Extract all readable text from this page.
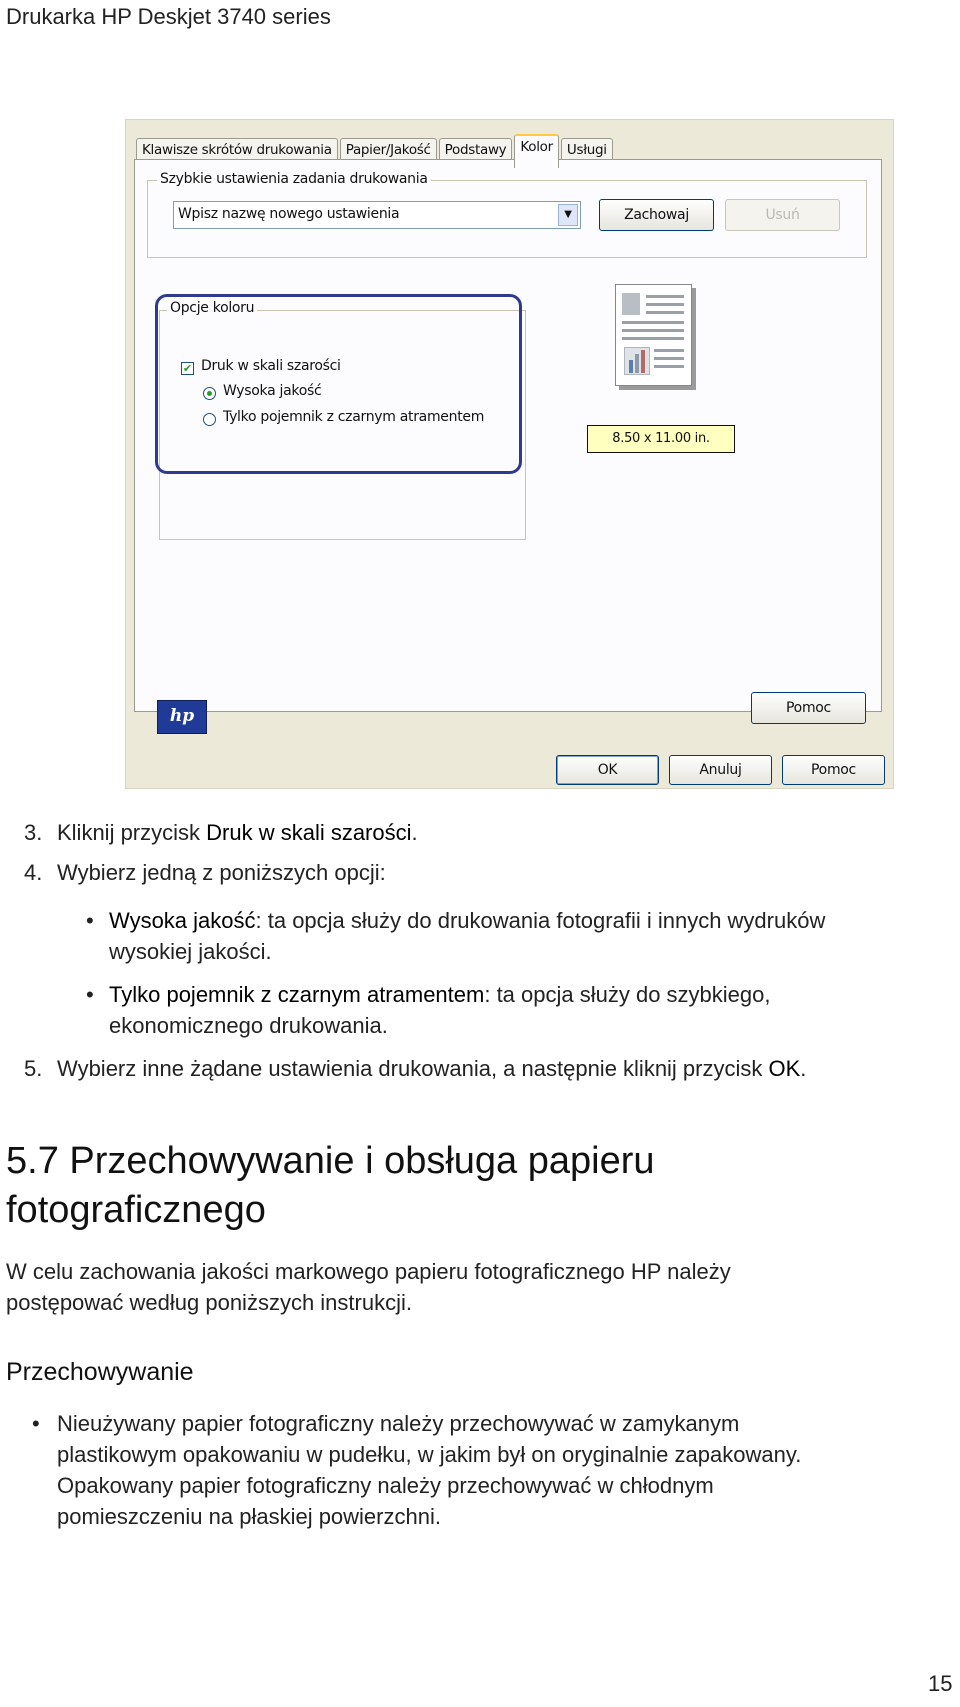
Drukarka HP Deskjet 3740 series
Klawisze skrótów drukowania	Papier/Jakość	Podstawy	Kolor	Usługi
Szybkie ustawienia zadania drukowania
Wpisz nazwę nowego ustawienia	▼	Zachowaj	Usuń
Opcje koloru
✔ Druk w skali szarości
Wysoka jakość
Tylko pojemnik z czarnym atramentem
8.50 x 11.00 in.
hp	Pomoc
OK	Anuluj	Pomoc
3. Kliknij przycisk Druk w skali szarości.
4. Wybierz jedną z poniższych opcji:
• Wysoka jakość: ta opcja służy do drukowania fotografii i innych wydruków
wysokiej jakości.
• Tylko pojemnik z czarnym atramentem: ta opcja służy do szybkiego,
ekonomicznego drukowania.
5. Wybierz inne żądane ustawienia drukowania, a następnie kliknij przycisk OK.
5.7 Przechowywanie i obsługa papieru
fotograficznego
W celu zachowania jakości markowego papieru fotograficznego HP należy
postępować według poniższych instrukcji.
Przechowywanie
• Nieużywany papier fotograficzny należy przechowywać w zamykanym
plastikowym opakowaniu w pudełku, w jakim był on oryginalnie zapakowany.
Opakowany papier fotograficzny należy przechowywać w chłodnym
pomieszczeniu na płaskiej powierzchni.
15
